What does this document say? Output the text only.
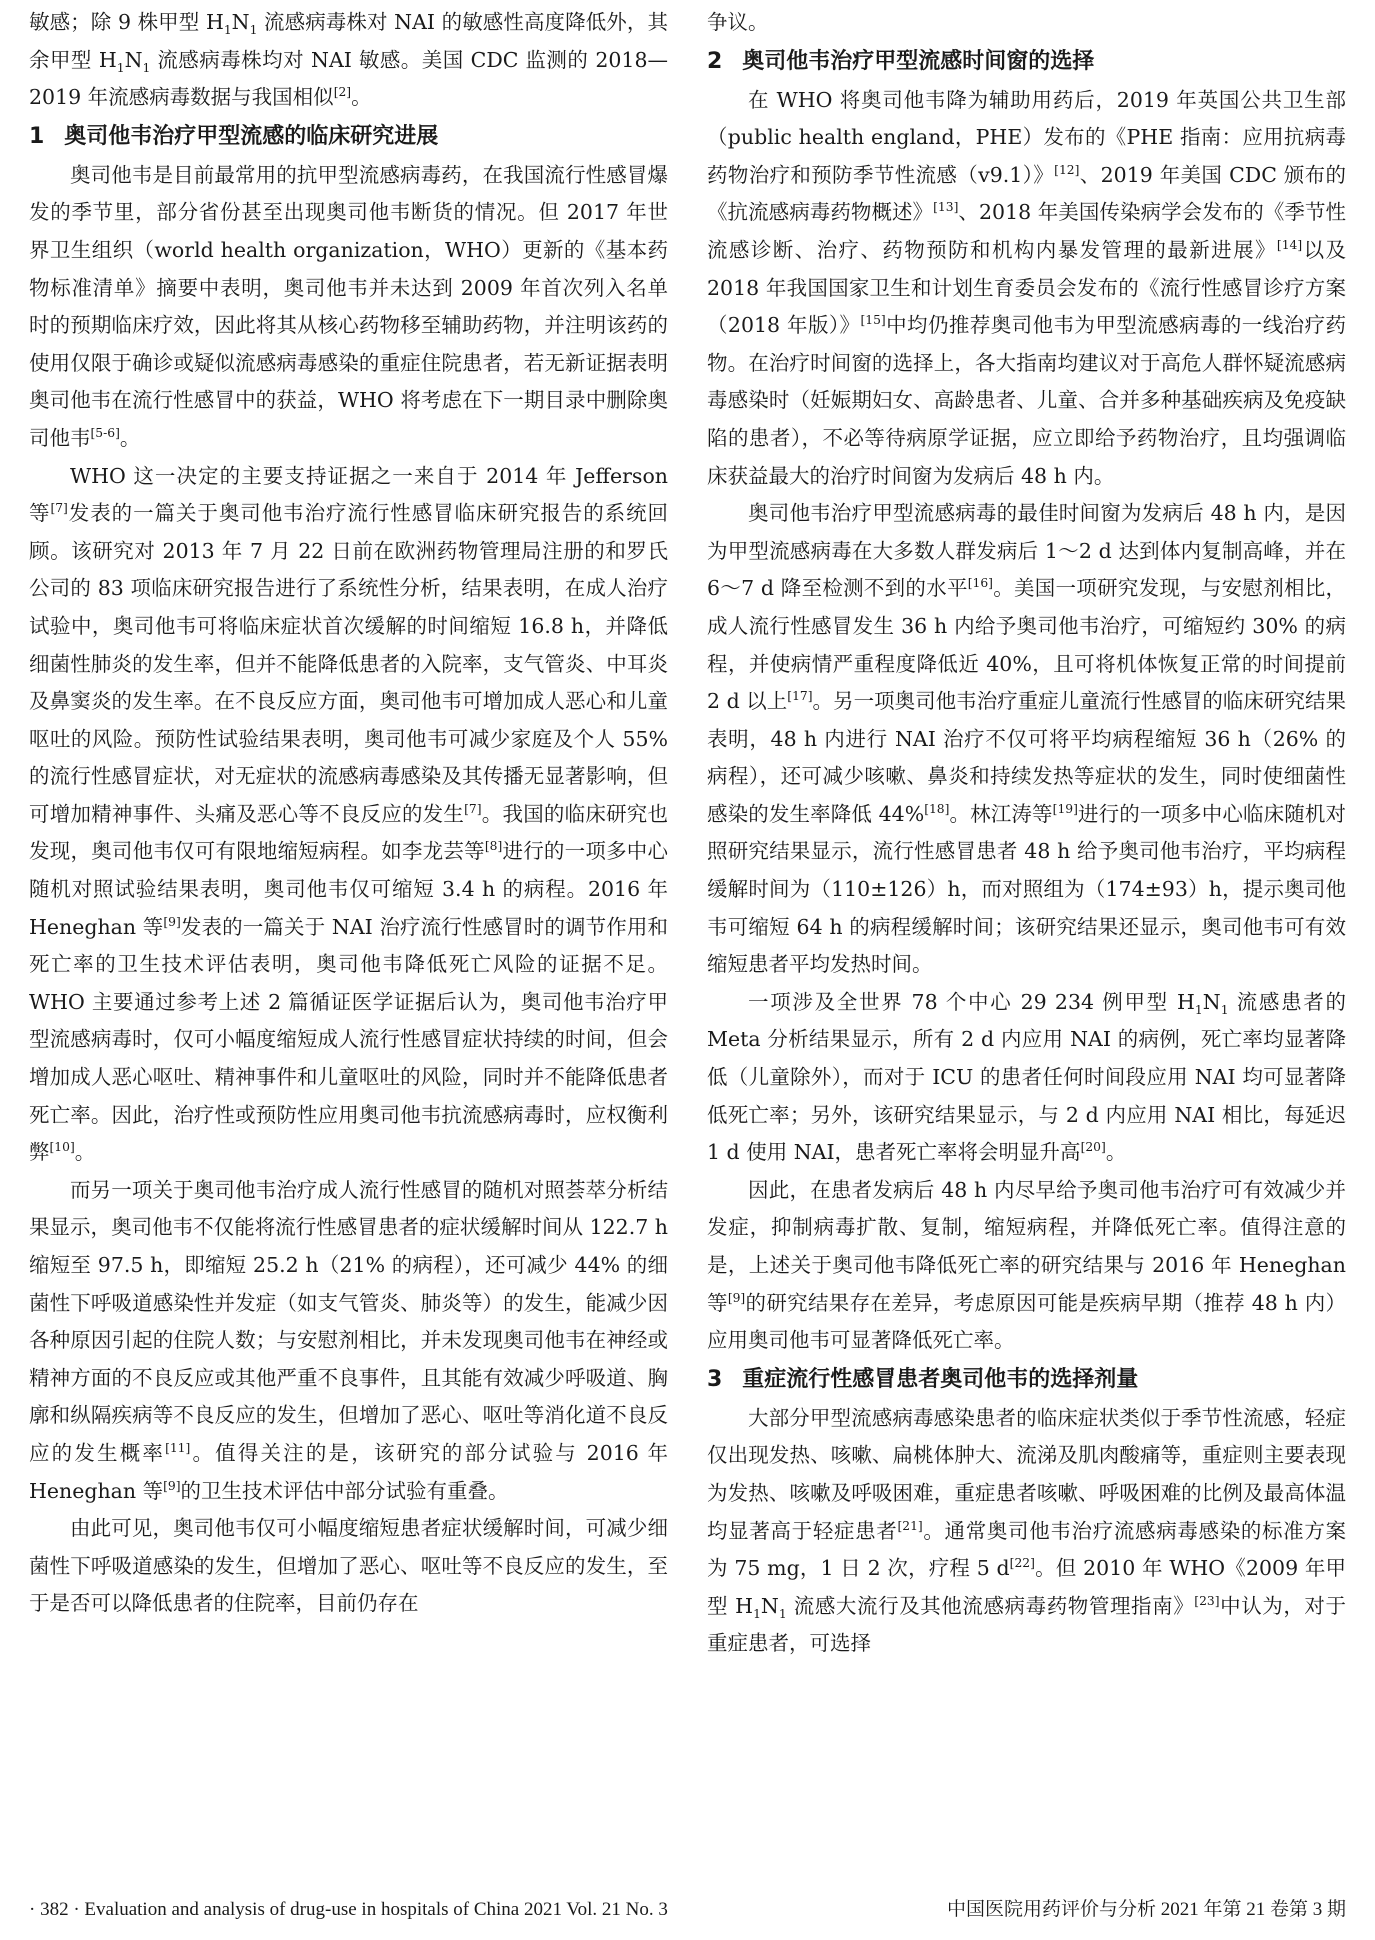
敏感；除 9 株甲型 $H_1N_1$ 流感病毒株对 NAI 的敏感性高度降低外，其余甲型 $H_1N_1$ 流感病毒株均对 NAI 敏感。美国 CDC 监测的 2018—2019 年流感病毒数据与我国相似[2]。

1 奥司他韦治疗甲型流感的临床研究进展

奥司他韦是目前最常用的抗甲型流感病毒药，在我国流行性感冒爆发的季节里，部分省份甚至出现奥司他韦断货的情况。但 2017 年世界卫生组织（world health organization，WHO）更新的《基本药物标准清单》摘要中表明，奥司他韦并未达到 2009 年首次列入名单时的预期临床疗效，因此将其从核心药物移至辅助药物，并注明该药的使用仅限于确诊或疑似流感病毒感染的重症住院患者，若无新证据表明奥司他韦在流行性感冒中的获益，WHO 将考虑在下一期目录中删除奥司他韦[5-6]。

WHO 这一决定的主要支持证据之一来自于 2014 年 Jefferson 等[7]发表的一篇关于奥司他韦治疗流行性感冒临床研究报告的系统回顾。该研究对 2013 年 7 月 22 日前在欧洲药物管理局注册的和罗氏公司的 83 项临床研究报告进行了系统性分析，结果表明，在成人治疗试验中，奥司他韦可将临床症状首次缓解的时间缩短 16.8 h，并降低细菌性肺炎的发生率，但并不能降低患者的入院率，支气管炎、中耳炎及鼻窦炎的发生率。在不良反应方面，奥司他韦可增加成人恶心和儿童呕吐的风险。预防性试验结果表明，奥司他韦可减少家庭及个人 55% 的流行性感冒症状，对无症状的流感病毒感染及其传播无显著影响，但可增加精神事件、头痛及恶心等不良反应的发生[7]。我国的临床研究也发现，奥司他韦仅可有限地缩短病程。如李龙芸等[8]进行的一项多中心随机对照试验结果表明，奥司他韦仅可缩短 3.4 h 的病程。2016 年 Heneghan 等[9]发表的一篇关于 NAI 治疗流行性感冒时的调节作用和死亡率的卫生技术评估表明，奥司他韦降低死亡风险的证据不足。WHO 主要通过参考上述 2 篇循证医学证据后认为，奥司他韦治疗甲型流感病毒时，仅可小幅度缩短成人流行性感冒症状持续的时间，但会增加成人恶心呕吐、精神事件和儿童呕吐的风险，同时并不能降低患者死亡率。因此，治疗性或预防性应用奥司他韦抗流感病毒时，应权衡利弊[10]。

而另一项关于奥司他韦治疗成人流行性感冒的随机对照荟萃分析结果显示，奥司他韦不仅能将流行性感冒患者的症状缓解时间从 122.7 h 缩短至 97.5 h，即缩短 25.2 h（21% 的病程），还可减少 44% 的细菌性下呼吸道感染性并发症（如支气管炎、肺炎等）的发生，能减少因各种原因引起的住院人数；与安慰剂相比，并未发现奥司他韦在神经或精神方面的不良反应或其他严重不良事件，且其能有效减少呼吸道、胸廓和纵隔疾病等不良反应的发生，但增加了恶心、呕吐等消化道不良反应的发生概率[11]。值得关注的是，该研究的部分试验与 2016 年 Heneghan 等[9]的卫生技术评估中部分试验有重叠。

由此可见，奥司他韦仅可小幅度缩短患者症状缓解时间，可减少细菌性下呼吸道感染的发生，但增加了恶心、呕吐等不良反应的发生，至于是否可以降低患者的住院率，目前仍存在

争议。

2 奥司他韦治疗甲型流感时间窗的选择

在 WHO 将奥司他韦降为辅助用药后，2019 年英国公共卫生部（public health england，PHE）发布的《PHE 指南：应用抗病毒药物治疗和预防季节性流感（v9.1）》[12]、2019 年美国 CDC 颁布的《抗流感病毒药物概述》[13]、2018 年美国传染病学会发布的《季节性流感诊断、治疗、药物预防和机构内暴发管理的最新进展》[14]以及 2018 年我国国家卫生和计划生育委员会发布的《流行性感冒诊疗方案（2018 年版）》[15]中均仍推荐奥司他韦为甲型流感病毒的一线治疗药物。在治疗时间窗的选择上，各大指南均建议对于高危人群怀疑流感病毒感染时（妊娠期妇女、高龄患者、儿童、合并多种基础疾病及免疫缺陷的患者），不必等待病原学证据，应立即给予药物治疗，且均强调临床获益最大的治疗时间窗为发病后 48 h 内。

奥司他韦治疗甲型流感病毒的最佳时间窗为发病后 48 h 内，是因为甲型流感病毒在大多数人群发病后 1～2 d 达到体内复制高峰，并在 6～7 d 降至检测不到的水平[16]。美国一项研究发现，与安慰剂相比，成人流行性感冒发生 36 h 内给予奥司他韦治疗，可缩短约 30% 的病程，并使病情严重程度降低近 40%，且可将机体恢复正常的时间提前 2 d 以上[17]。另一项奥司他韦治疗重症儿童流行性感冒的临床研究结果表明，48 h 内进行 NAI 治疗不仅可将平均病程缩短 36 h（26% 的病程），还可减少咳嗽、鼻炎和持续发热等症状的发生，同时使细菌性感染的发生率降低 44%[18]。林江涛等[19]进行的一项多中心临床随机对照研究结果显示，流行性感冒患者 48 h 给予奥司他韦治疗，平均病程缓解时间为（110±126）h，而对照组为（174±93）h，提示奥司他韦可缩短 64 h 的病程缓解时间；该研究结果还显示，奥司他韦可有效缩短患者平均发热时间。

一项涉及全世界 78 个中心 29 234 例甲型 $H_1N_1$ 流感患者的 Meta 分析结果显示，所有 2 d 内应用 NAI 的病例，死亡率均显著降低（儿童除外），而对于 ICU 的患者任何时间段应用 NAI 均可显著降低死亡率；另外，该研究结果显示，与 2 d 内应用 NAI 相比，每延迟 1 d 使用 NAI，患者死亡率将会明显升高[20]。

因此，在患者发病后 48 h 内尽早给予奥司他韦治疗可有效减少并发症，抑制病毒扩散、复制，缩短病程，并降低死亡率。值得注意的是，上述关于奥司他韦降低死亡率的研究结果与 2016 年 Heneghan 等[9]的研究结果存在差异，考虑原因可能是疾病早期（推荐 48 h 内）应用奥司他韦可显著降低死亡率。

3 重症流行性感冒患者奥司他韦的选择剂量

大部分甲型流感病毒感染患者的临床症状类似于季节性流感，轻症仅出现发热、咳嗽、扁桃体肿大、流涕及肌肉酸痛等，重症则主要表现为发热、咳嗽及呼吸困难，重症患者咳嗽、呼吸困难的比例及最高体温均显著高于轻症患者[21]。通常奥司他韦治疗流感病毒感染的标准方案为 75 mg，1 日 2 次，疗程 5 d[22]。但 2010 年 WHO《2009 年甲型 $H_1N_1$ 流感大流行及其他流感病毒药物管理指南》[23]中认为，对于重症患者，可选择

· 382 · Evaluation and analysis of drug-use in hospitals of China 2021 Vol. 21 No. 3	中国医院用药评价与分析 2021 年第 21 卷第 3 期
